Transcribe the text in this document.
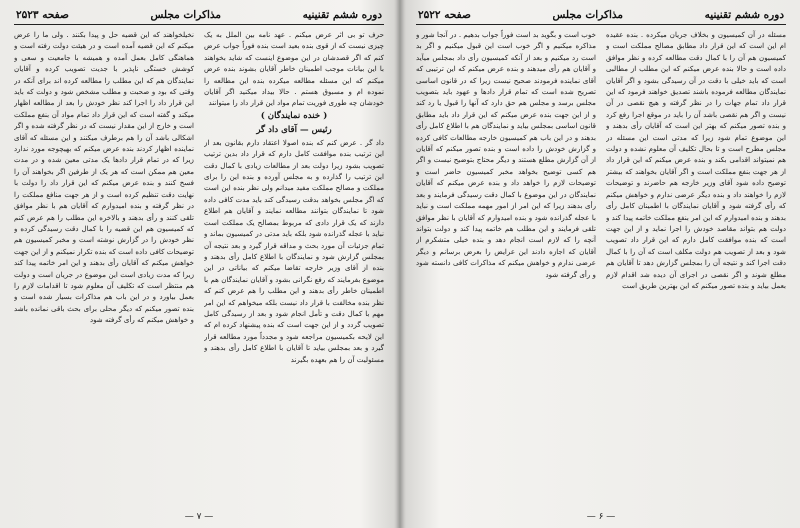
دوره ششم تقنینیه
مذاکرات مجلس
صفحه ۲۵۲۳

حرف تو بی اثر عرض میکنم . عهد نامه بین الملل به یک چیزی نیست که از قوی بنده بعید است بنده فوراً جواب عرض کنم که اگر قصدشان در این موضوع اینست که شاید بخواهند با این بیانات موجب اطمینان خاطر آقایان بشوند بنده عرض میکنم که این مسئله مطالعه میکرده بنده این مطالعه را نموده ام و مسبوق هستم . حالا بیداد میکنید اگر آقایان خودشان چه طوری فوریت تمام مواد این قرار داد را میتوانند

( خنده نمایندگان )

رئیس — آقای داد گر

داد گر . عرض کنم که بنده اصولا اعتقاد دارم بقانون بعد از این ترتیب بنده موافقت کامل دارم که قرار داد بدین ترتیب تصویب بشود زیرا دولت بعد از مطالعات زیادی با کمال دقت این ترتیب را گذارده و به مجلس آورده و بنده این را برای مملکت و مصالح مملکت مفید میدانم ولی نظر بنده این است که اگر مجلس بخواهد بدقت رسیدگی کند باید مدت کافی داده شود تا نمایندگان بتوانند مطالعه نمایند و آقایان هم اطلاع دارند که یک قرار دادی که مربوط بمصالح یک مملکت است نباید با عجله گذرانده شود بلکه باید مدتی در کمیسیون بماند و تمام جزئیات آن مورد بحث و مداقه قرار گیرد و بعد نتیجه آن بمجلس گزارش شود و نمایندگان با اطلاع کامل رأی بدهند و بنده از آقای وزیر خارجه تقاضا میکنم که بیاناتی در این موضوع بفرمایند که رفع نگرانی بشود و آقایان نمایندگان هم با اطمینان خاطر رأی بدهند و این مطلب را هم عرض کنم که نظر بنده مخالفت با قرار داد نیست بلکه میخواهم که این امر مهم با کمال دقت و تأمل انجام شود و بعد از رسیدگی کامل تصویب گردد و از این جهت است که بنده پیشنهاد کرده ام که این لایحه بکمیسیون مراجعه شود و مجدداً مورد مطالعه قرار گیرد و بعد بمجلس بیاید تا آقایان با اطلاع کامل رأی بدهند و مسئولیت آن را هم بعهده بگیرند

نخیلخواهند که این قضیه حل و پیدا بکنند . ولی ما را عرض میکنم که این قضیه آمده است و در هیئت دولت رفته است و هماهنگی کامل بعمل آمده و همیشه با جامعیت و سعی و کوشش خستگی ناپذیر با جدیت تصویب کرده و آقایان نمایندگان هم که این مطلب را مطالعه کرده اند برای آنکه در وقتی که بود و صحبت و مطلب مشخص شود و دولت که باید این قرار داد را اجرا کند نظر خودش را بعد از مطالعه اظهار میکند و گفته است که این قرار داد تمام مواد آن بنفع مملکت است و خارج از این مقدار نیست که در نظر گرفته شده و اگر اشکالی باشد آن را هم برطرف میکنند و این مسئله که آقای نماینده اظهار کردند بنده عرض میکنم که بهیچوجه مورد ندارد زیرا که در تمام قرار دادها یک مدتی معین شده و در مدت معین هم ممکن است که هر یک از طرفین اگر بخواهند آن را فسخ کنند و بنده عرض میکنم که این قرار داد را دولت با نهایت دقت تنظیم کرده است و از هر جهت منافع مملکت را در نظر گرفته و بنده امیدوارم که آقایان هم با نظر موافق تلقی کنند و رأی بدهند و بالاخره این مطلب را هم عرض کنم که کمیسیون هم این قضیه را با کمال دقت رسیدگی کرده و نظر خودش را در گزارش نوشته است و مخبر کمیسیون هم توضیحات کافی داده است که بنده تکرار نمیکنم و از این جهت خواهش میکنم که آقایان رأی بدهند و این امر خاتمه پیدا کند زیرا که مدت زیادی است این موضوع در جریان است و دولت هم منتظر است که تکلیف آن معلوم شود تا اقدامات لازم را بعمل بیاورد و در این باب هم مذاکرات بسیار شده است و بنده تصور میکنم که دیگر محلی برای بحث باقی نمانده باشد و خواهش میکنم که رأی گرفته شود

— ۷ —
دوره ششم تقنینیه
مذاکرات مجلس
صفحه ۲۵۲۲

مسئله در آن کمیسیون و بخلاف جریان میکرده . بنده عقیده ام این است که این قرار داد مطابق مصالح مملکت است و کمیسیون هم آن را با کمال دقت مطالعه کرده و نظر موافق داده است و حالا بنده عرض میکنم که این مطلب از مطالبی است که باید خیلی با دقت در آن رسیدگی بشود و اگر آقایان نمایندگان مطالعه فرموده باشند تصدیق خواهند فرمود که این قرار داد تمام جهات را در نظر گرفته و هیچ نقصی در آن نیست و اگر هم نقصی باشد آن را باید در موقع اجرا رفع کرد و بنده تصور میکنم که بهتر این است که آقایان رأی بدهند و این موضوع تمام شود زیرا که مدتی است این مسئله در مجلس مطرح است و تا بحال تکلیف آن معلوم نشده و دولت هم نمیتواند اقدامی بکند و بنده عرض میکنم که این قرار داد از هر جهت بنفع مملکت است و اگر آقایان بخواهند که بیشتر توضیح داده شود آقای وزیر خارجه هم حاضرند و توضیحات لازم را خواهند داد و بنده دیگر عرضی ندارم و خواهش میکنم که رأی گرفته شود و آقایان نمایندگان با اطمینان کامل رأی بدهند و بنده امیدوارم که این امر بنفع مملکت خاتمه پیدا کند و دولت هم بتواند مقاصد خودش را اجرا نماید و از این جهت است که بنده موافقت کامل دارم که این قرار داد تصویب شود و بعد از تصویب هم دولت مکلف است که آن را با کمال دقت اجرا کند و نتیجه آن را بمجلس گزارش دهد تا آقایان هم مطلع شوند و اگر نقصی در اجرای آن دیده شد اقدام لازم بعمل بیاید و بنده تصور میکنم که این بهترین طریق است

خوب است و بگوید بد است فوراً جواب بدهیم . در آنجا شور و مذاکره میکنیم و اگر خوب است این قبول میکنیم و اگر بد است رد میکنیم و بعد از آنکه کمیسیون رأی داد بمجلس میآید و آقایان هم رأی میدهند و بنده عرض میکنم که این ترتیبی که آقای نماینده فرمودند صحیح نیست زیرا که در قانون اساسی تصریح شده است که تمام قرار دادها و عهود باید بتصویب مجلس برسد و مجلس هم حق دارد که آنها را قبول یا رد کند و از این جهت بنده عرض میکنم که این قرار داد باید مطابق قانون اساسی بمجلس بیاید و نمایندگان هم با اطلاع کامل رأی بدهند و در این باب هم کمیسیون خارجه مطالعات کافی کرده و گزارش خودش را داده است و بنده تصور میکنم که آقایان از آن گزارش مطلع هستند و دیگر محتاج بتوضیح نیست و اگر هم کسی توضیح بخواهد مخبر کمیسیون حاضر است و توضیحات لازم را خواهد داد و بنده عرض میکنم که آقایان نمایندگان در این موضوع با کمال دقت رسیدگی فرمایند و بعد رأی بدهند زیرا که این امر از امور مهمه مملکت است و نباید با عجله گذرانده شود و بنده امیدوارم که آقایان با نظر موافق تلقی فرمایند و این مطلب هم خاتمه پیدا کند و دولت بتواند آنچه را که لازم است انجام دهد و بنده خیلی متشکرم از آقایان که اجازه دادند این عرایض را بعرض برسانم و دیگر عرضی ندارم و خواهش میکنم که مذاکرات کافی دانسته شود و رأی گرفته شود

— ۶ —
